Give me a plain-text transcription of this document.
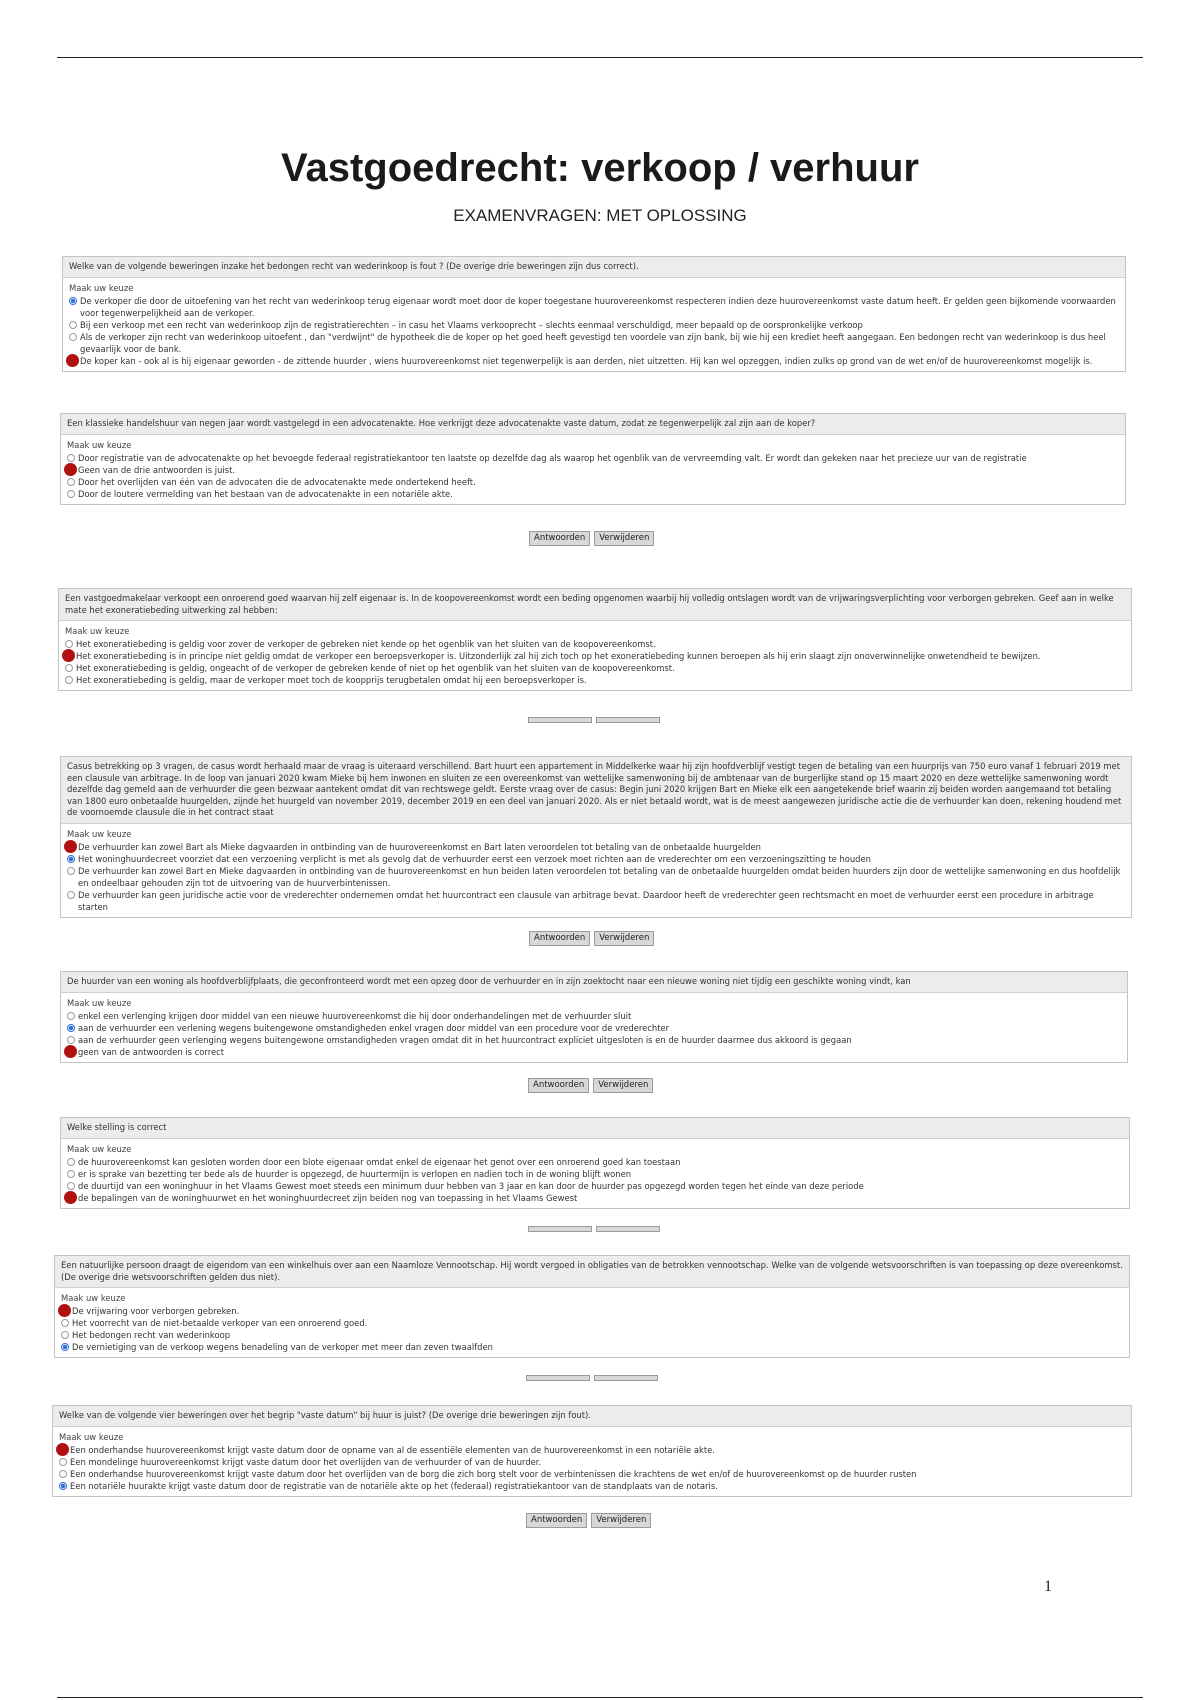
Vastgoedrecht: verkoop / verhuur
EXAMENVRAGEN: MET OPLOSSING
Welke van de volgende beweringen inzake het bedongen recht van wederinkoop is fout ? (De overige drie beweringen zijn dus correct).
Maak uw keuze
De verkoper die door de uitoefening van het recht van wederinkoop terug eigenaar wordt moet door de koper toegestane huurovereenkomst respecteren indien deze huurovereenkomst vaste datum heeft. Er gelden geen bijkomende voorwaarden voor tegenwerpelijkheid aan de verkoper.
Bij een verkoop met een recht van wederinkoop zijn de registratierechten – in casu het Vlaams verkooprecht – slechts eenmaal verschuldigd, meer bepaald op de oorspronkelijke verkoop
Als de verkoper zijn recht van wederinkoop uitoefent , dan "verdwijnt" de hypotheek die de koper op het goed heeft gevestigd ten voordele van zijn bank, bij wie hij een krediet heeft aangegaan. Een bedongen recht van wederinkoop is dus heel gevaarlijk voor de bank.
De koper kan - ook al is hij eigenaar geworden - de zittende huurder , wiens huurovereenkomst niet tegenwerpelijk is aan derden, niet uitzetten. Hij kan wel opzeggen, indien zulks op grond van de wet en/of de huurovereenkomst mogelijk is.
Een klassieke handelshuur van negen jaar wordt vastgelegd in een advocatenakte. Hoe verkrijgt deze advocatenakte vaste datum, zodat ze tegenwerpelijk zal zijn aan de koper?
Maak uw keuze
Door registratie van de advocatenakte op het bevoegde federaal registratiekantoor ten laatste op dezelfde dag als waarop het ogenblik van de vervreemding valt. Er wordt dan gekeken naar het precieze uur van de registratie
Geen van de drie antwoorden is juist.
Door het overlijden van één van de advocaten die de advocatenakte mede ondertekend heeft.
Door de loutere vermelding van het bestaan van de advocatenakte in een notariële akte.
Antwoorden	Verwijderen
Een vastgoedmakelaar verkoopt een onroerend goed waarvan hij zelf eigenaar is. In de koopovereenkomst wordt een beding opgenomen waarbij hij volledig ontslagen wordt van de vrijwaringsverplichting voor verborgen gebreken. Geef aan in welke mate het exoneratiebeding uitwerking zal hebben:
Maak uw keuze
Het exoneratiebeding is geldig voor zover de verkoper de gebreken niet kende op het ogenblik van het sluiten van de koopovereenkomst.
Het exoneratiebeding is in principe niet geldig omdat de verkoper een beroepsverkoper is. Uitzonderlijk zal hij zich toch op het exoneratiebeding kunnen beroepen als hij erin slaagt zijn onoverwinnelijke onwetendheid te bewijzen.
Het exoneratiebeding is geldig, ongeacht of de verkoper de gebreken kende of niet op het ogenblik van het sluiten van de koopovereenkomst.
Het exoneratiebeding is geldig, maar de verkoper moet toch de koopprijs terugbetalen omdat hij een beroepsverkoper is.
Casus betrekking op 3 vragen, de casus wordt herhaald maar de vraag is uiteraard verschillend. Bart huurt een appartement in Middelkerke waar hij zijn hoofdverblijf vestigt tegen de betaling van een huurprijs van 750 euro vanaf 1 februari 2019 met een clausule van arbitrage. In de loop van januari 2020 kwam Mieke bij hem inwonen en sluiten ze een overeenkomst van wettelijke samenwoning bij de ambtenaar van de burgerlijke stand op 15 maart 2020 en deze wettelijke samenwoning wordt dezelfde dag gemeld aan de verhuurder die geen bezwaar aantekent omdat dit van rechtswege geldt. Eerste vraag over de casus: Begin juni 2020 krijgen Bart en Mieke elk een aangetekende brief waarin zij beiden worden aangemaand tot betaling van 1800 euro onbetaalde huurgelden, zijnde het huurgeld van november 2019, december 2019 en een deel van januari 2020. Als er niet betaald wordt, wat is de meest aangewezen juridische actie die de verhuurder kan doen, rekening houdend met de voornoemde clausule die in het contract staat
Maak uw keuze
De verhuurder kan zowel Bart als Mieke dagvaarden in ontbinding van de huurovereenkomst en Bart laten veroordelen tot betaling van de onbetaalde huurgelden
Het woninghuurdecreet voorziet dat een verzoening verplicht is met als gevolg dat de verhuurder eerst een verzoek moet richten aan de vrederechter om een verzoeningszitting te houden
De verhuurder kan zowel Bart en Mieke dagvaarden in ontbinding van de huurovereenkomst en hun beiden laten veroordelen tot betaling van de onbetaalde huurgelden omdat beiden huurders zijn door de wettelijke samenwoning en dus hoofdelijk en ondeelbaar gehouden zijn tot de uitvoering van de huurverbintenissen.
De verhuurder kan geen juridische actie voor de vrederechter ondernemen omdat het huurcontract een clausule van arbitrage bevat. Daardoor heeft de vrederechter geen rechtsmacht en moet de verhuurder eerst een procedure in arbitrage starten
Antwoorden	Verwijderen
De huurder van een woning als hoofdverblijfplaats, die geconfronteerd wordt met een opzeg door de verhuurder en in zijn zoektocht naar een nieuwe woning niet tijdig een geschikte woning vindt, kan
Maak uw keuze
enkel een verlenging krijgen door middel van een nieuwe huurovereenkomst die hij door onderhandelingen met de verhuurder sluit
aan de verhuurder een verlening wegens buitengewone omstandigheden enkel vragen door middel van een procedure voor de vrederechter
aan de verhuurder geen verlenging wegens buitengewone omstandigheden vragen omdat dit in het huurcontract expliciet uitgesloten is en de huurder daarmee dus akkoord is gegaan
geen van de antwoorden is correct
Antwoorden	Verwijderen
Welke stelling is correct
Maak uw keuze
de huurovereenkomst kan gesloten worden door een blote eigenaar omdat enkel de eigenaar het genot over een onroerend goed kan toestaan
er is sprake van bezetting ter bede als de huurder is opgezegd, de huurtermijn is verlopen en nadien toch in de woning blijft wonen
de duurtijd van een woninghuur in het Vlaams Gewest moet steeds een minimum duur hebben van 3 jaar en kan door de huurder pas opgezegd worden tegen het einde van deze periode
de bepalingen van de woninghuurwet en het woninghuurdecreet zijn beiden nog van toepassing in het Vlaams Gewest
Een natuurlijke persoon draagt de eigendom van een winkelhuis over aan een Naamloze Vennootschap. Hij wordt vergoed in obligaties van de betrokken vennootschap. Welke van de volgende wetsvoorschriften is van toepassing op deze overeenkomst. (De overige drie wetsvoorschriften gelden dus niet).
Maak uw keuze
De vrijwaring voor verborgen gebreken.
Het voorrecht van de niet-betaalde verkoper van een onroerend goed.
Het bedongen recht van wederinkoop
De vernietiging van de verkoop wegens benadeling van de verkoper met meer dan zeven twaalfden
Welke van de volgende vier beweringen over het begrip "vaste datum" bij huur is juist? (De overige drie beweringen zijn fout).
Maak uw keuze
Een onderhandse huurovereenkomst krijgt vaste datum door de opname van al de essentiële elementen van de huurovereenkomst in een notariële akte.
Een mondelinge huurovereenkomst krijgt vaste datum door het overlijden van de verhuurder of van de huurder.
Een onderhandse huurovereenkomst krijgt vaste datum door het overlijden van de borg die zich borg stelt voor de verbintenissen die krachtens de wet en/of de huurovereenkomst op de huurder rusten
Een notariële huurakte krijgt vaste datum door de registratie van de notariële akte op het (federaal) registratiekantoor van de standplaats van de notaris.
Antwoorden	Verwijderen
1
